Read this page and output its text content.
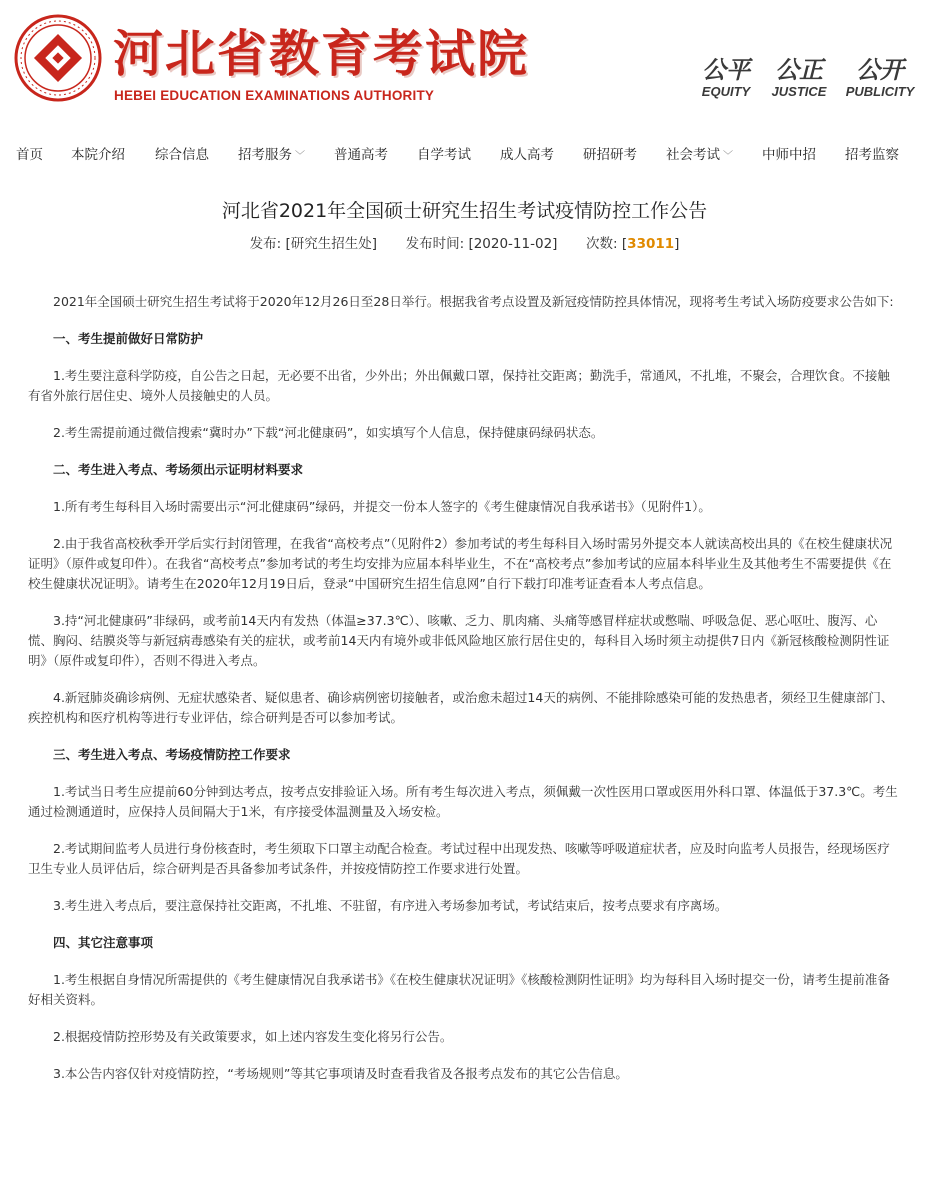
河北省教育考试院
HEBEI EDUCATION EXAMINATIONS AUTHORITY
公平
EQUITY
公正
JUSTICE
公开
PUBLICITY
首页 本院介绍 综合信息 招考服务 ﹀ 普通高考 自学考试 成人高考 研招研考 社会考试 ﹀ 中师中招 招考监察
河北省2021年全国硕士研究生招生考试疫情防控工作公告
发布: [研究生招生处] 发布时间: [2020-11-02] 次数: [33011]

2021年全国硕士研究生招生考试将于2020年12月26日至28日举行。根据我省考点设置及新冠疫情防控具体情况，现将考生考试入场防疫要求公告如下:

一、考生提前做好日常防护

1.考生要注意科学防疫，自公告之日起，无必要不出省，少外出；外出佩戴口罩，保持社交距离；勤洗手，常通风，不扎堆，不聚会，合理饮食。不接触有省外旅行居住史、境外人员接触史的人员。

2.考生需提前通过微信搜索“冀时办”下载“河北健康码”，如实填写个人信息，保持健康码绿码状态。

二、考生进入考点、考场须出示证明材料要求

1.所有考生每科目入场时需要出示“河北健康码”绿码，并提交一份本人签字的《考生健康情况自我承诺书》（见附件1）。

2.由于我省高校秋季开学后实行封闭管理，在我省“高校考点”（见附件2）参加考试的考生每科目入场时需另外提交本人就读高校出具的《在校生健康状况证明》（原件或复印件）。在我省“高校考点”参加考试的考生均安排为应届本科毕业生，不在“高校考点”参加考试的应届本科毕业生及其他考生不需要提供《在校生健康状况证明》。请考生在2020年12月19日后，登录“中国研究生招生信息网”自行下载打印准考证查看本人考点信息。

3.持“河北健康码”非绿码，或考前14天内有发热（体温≥37.3℃）、咳嗽、乏力、肌肉痛、头痛等感冒样症状或憋喘、呼吸急促、恶心呕吐、腹泻、心慌、胸闷、结膜炎等与新冠病毒感染有关的症状，或考前14天内有境外或非低风险地区旅行居住史的，每科目入场时须主动提供7日内《新冠核酸检测阴性证明》（原件或复印件），否则不得进入考点。

4.新冠肺炎确诊病例、无症状感染者、疑似患者、确诊病例密切接触者，或治愈未超过14天的病例、不能排除感染可能的发热患者，须经卫生健康部门、疾控机构和医疗机构等进行专业评估，综合研判是否可以参加考试。

三、考生进入考点、考场疫情防控工作要求

1.考试当日考生应提前60分钟到达考点，按考点安排验证入场。所有考生每次进入考点，须佩戴一次性医用口罩或医用外科口罩、体温低于37.3℃。考生通过检测通道时，应保持人员间隔大于1米，有序接受体温测量及入场安检。

2.考试期间监考人员进行身份核查时，考生须取下口罩主动配合检查。考试过程中出现发热、咳嗽等呼吸道症状者，应及时向监考人员报告，经现场医疗卫生专业人员评估后，综合研判是否具备参加考试条件，并按疫情防控工作要求进行处置。

3.考生进入考点后，要注意保持社交距离，不扎堆、不驻留，有序进入考场参加考试，考试结束后，按考点要求有序离场。

四、其它注意事项

1.考生根据自身情况所需提供的《考生健康情况自我承诺书》《在校生健康状况证明》《核酸检测阴性证明》均为每科目入场时提交一份，请考生提前准备好相关资料。

2.根据疫情防控形势及有关政策要求，如上述内容发生变化将另行公告。

3.本公告内容仅针对疫情防控，“考场规则”等其它事项请及时查看我省及各报考点发布的其它公告信息。
